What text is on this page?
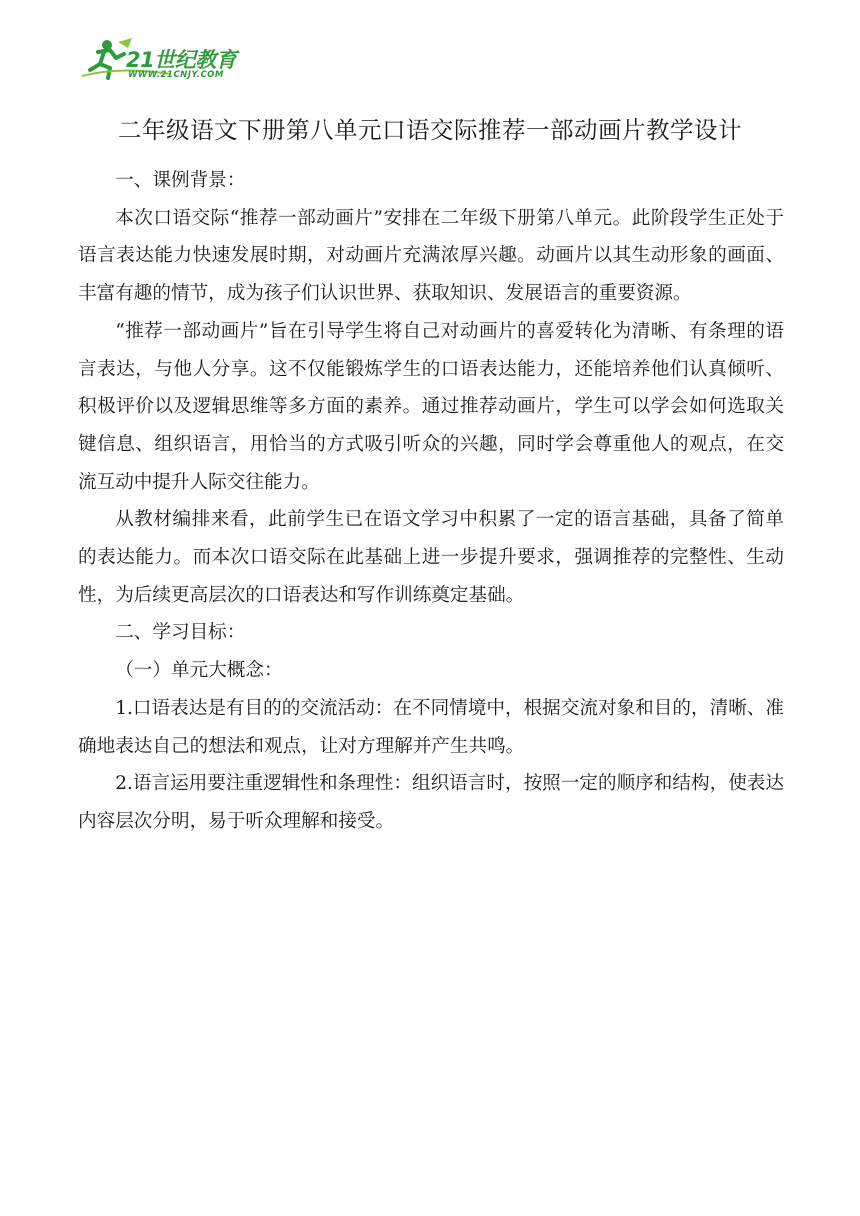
21世纪教育
WWW.21CNJY.COM
二年级语文下册第八单元口语交际推荐一部动画片教学设计

一、课例背景：

本次口语交际“推荐一部动画片”安排在二年级下册第八单元。此阶段学生正处于语言表达能力快速发展时期，对动画片充满浓厚兴趣。动画片以其生动形象的画面、丰富有趣的情节，成为孩子们认识世界、获取知识、发展语言的重要资源。

“推荐一部动画片”旨在引导学生将自己对动画片的喜爱转化为清晰、有条理的语言表达，与他人分享。这不仅能锻炼学生的口语表达能力，还能培养他们认真倾听、积极评价以及逻辑思维等多方面的素养。通过推荐动画片，学生可以学会如何选取关键信息、组织语言，用恰当的方式吸引听众的兴趣，同时学会尊重他人的观点，在交流互动中提升人际交往能力。

从教材编排来看，此前学生已在语文学习中积累了一定的语言基础，具备了简单的表达能力。而本次口语交际在此基础上进一步提升要求，强调推荐的完整性、生动性，为后续更高层次的口语表达和写作训练奠定基础。

二、学习目标：

（一）单元大概念：

1.口语表达是有目的的交流活动：在不同情境中，根据交流对象和目的，清晰、准确地表达自己的想法和观点，让对方理解并产生共鸣。

2.语言运用要注重逻辑性和条理性：组织语言时，按照一定的顺序和结构，使表达内容层次分明，易于听众理解和接受。
